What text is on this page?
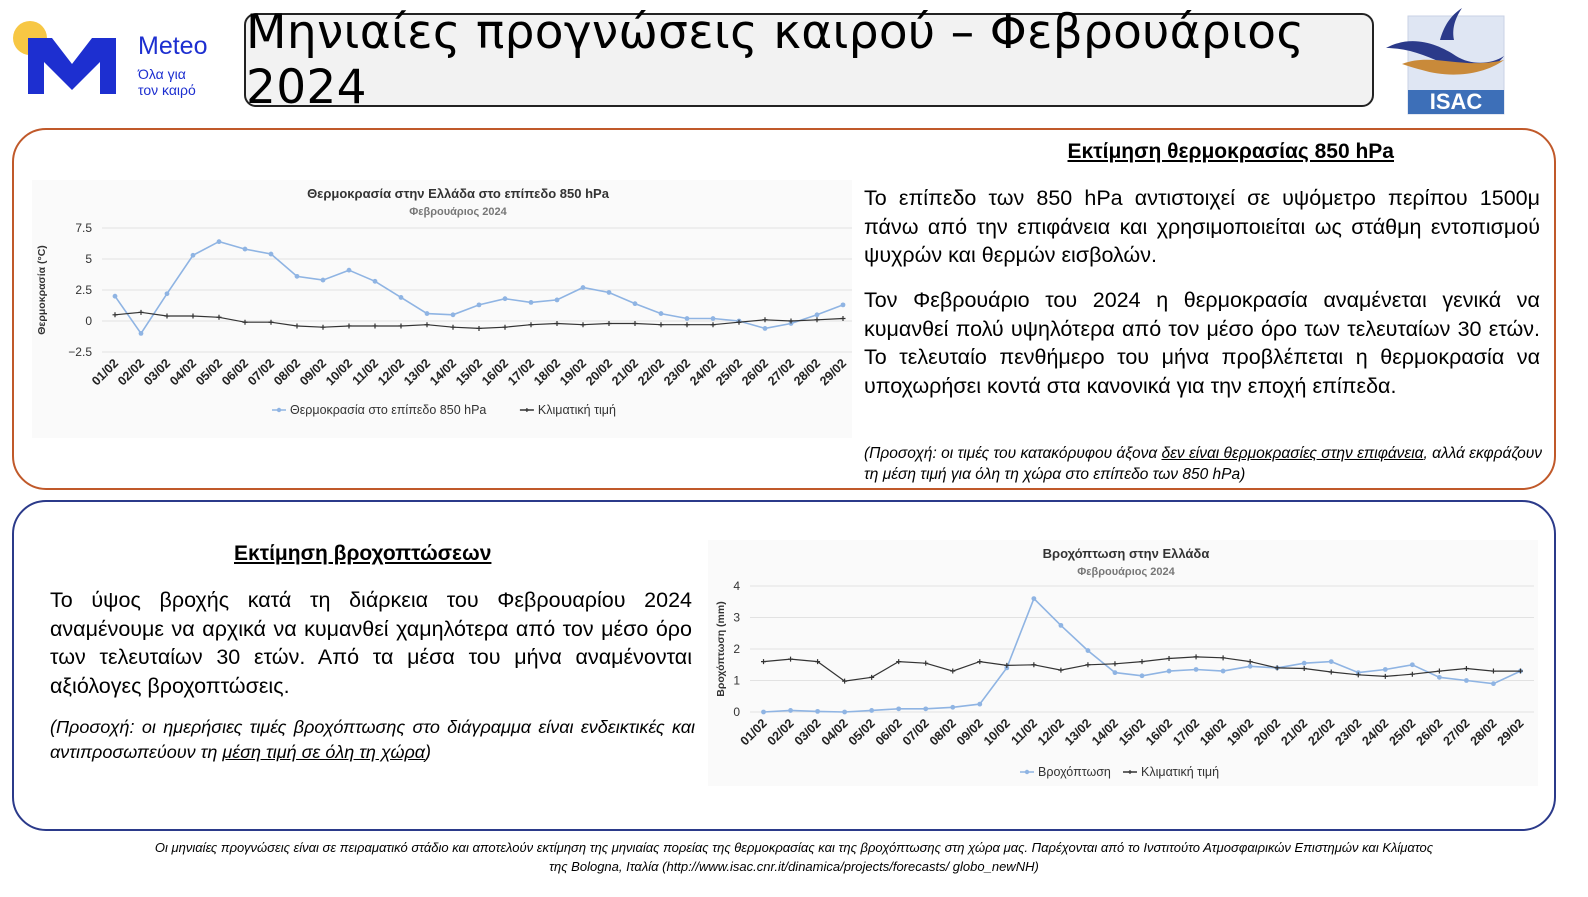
Meteo
Όλα για
τον καιρό
Μηνιαίες προγνώσεις καιρού – Φεβρουάριος 2024	ISAC
Θερμοκρασία στην Ελλάδα στο επίπεδο 850 hPa
Φεβρουάριος 2024
−2.5
0
2.5
5
7.5
Θερμοκρασία (°C)
01/02
02/02
03/02
04/02
05/02
06/02
07/02
08/02
09/02
10/02
11/02
12/02
13/02
14/02
15/02
16/02
17/02
18/02
19/02
20/02
21/02
22/02
23/02
24/02
25/02
26/02
27/02
28/02
29/02
Θερμοκρασία στο επίπεδο 850 hPa	Κλιματική τιμή
Εκτίμηση θερμοκρασίας 850 hPa

Το επίπεδο των 850 hPa αντιστοιχεί σε υψόμετρο περίπου 1500μ πάνω από την επιφάνεια και χρησιμοποιείται ως στάθμη εντοπισμού ψυχρών και θερμών εισβολών.

Τον Φεβρουάριο του 2024 η θερμοκρασία αναμένεται γενικά να κυμανθεί πολύ υψηλότερα από τον μέσο όρο των τελευταίων 30 ετών. Το τελευταίο πενθήμερο του μήνα προβλέπεται η θερμοκρασία να υποχωρήσει κοντά στα κανονικά για την εποχή επίπεδα.

(Προσοχή: οι τιμές του κατακόρυφου άξονα δεν είναι θερμοκρασίες στην επιφάνεια, αλλά εκφράζουν τη μέση τιμή για όλη τη χώρα στο επίπεδο των 850 hPa)

Εκτίμηση βροχοπτώσεων

Το ύψος βροχής κατά τη διάρκεια του Φεβρουαρίου 2024 αναμένουμε να αρχικά να κυμανθεί χαμηλότερα από τον μέσο όρο των τελευταίων 30 ετών. Από τα μέσα του μήνα αναμένονται αξιόλογες βροχοπτώσεις.

(Προσοχή: οι ημερήσιες τιμές βροχόπτωσης στο διάγραμμα είναι ενδεικτικές και αντιπροσωπεύουν τη μέση τιμή σε όλη τη χώρα)

Βροχόπτωση στην Ελλάδα
Φεβρουάριος 2024
0
1
2
3
4
Βροχόπτωση (mm)
01/02
02/02
03/02
04/02
05/02
06/02
07/02
08/02
09/02
10/02
11/02
12/02
13/02
14/02
15/02
16/02
17/02
18/02
19/02
20/02
21/02
22/02
23/02
24/02
25/02
26/02
27/02
28/02
29/02
Βροχόπτωση Κλιματική τιμή
Οι μηνιαίες προγνώσεις είναι σε πειραματικό στάδιο και αποτελούν εκτίμηση της μηνιαίας πορείας της θερμοκρασίας και της βροχόπτωσης στη χώρα μας. Παρέχονται από το Ινστιτούτο Ατμοσφαιρικών Επιστημών και Κλίματος
της Bologna, Ιταλία (http://www.isac.cnr.it/dinamica/projects/forecasts/ globo_newNH)
